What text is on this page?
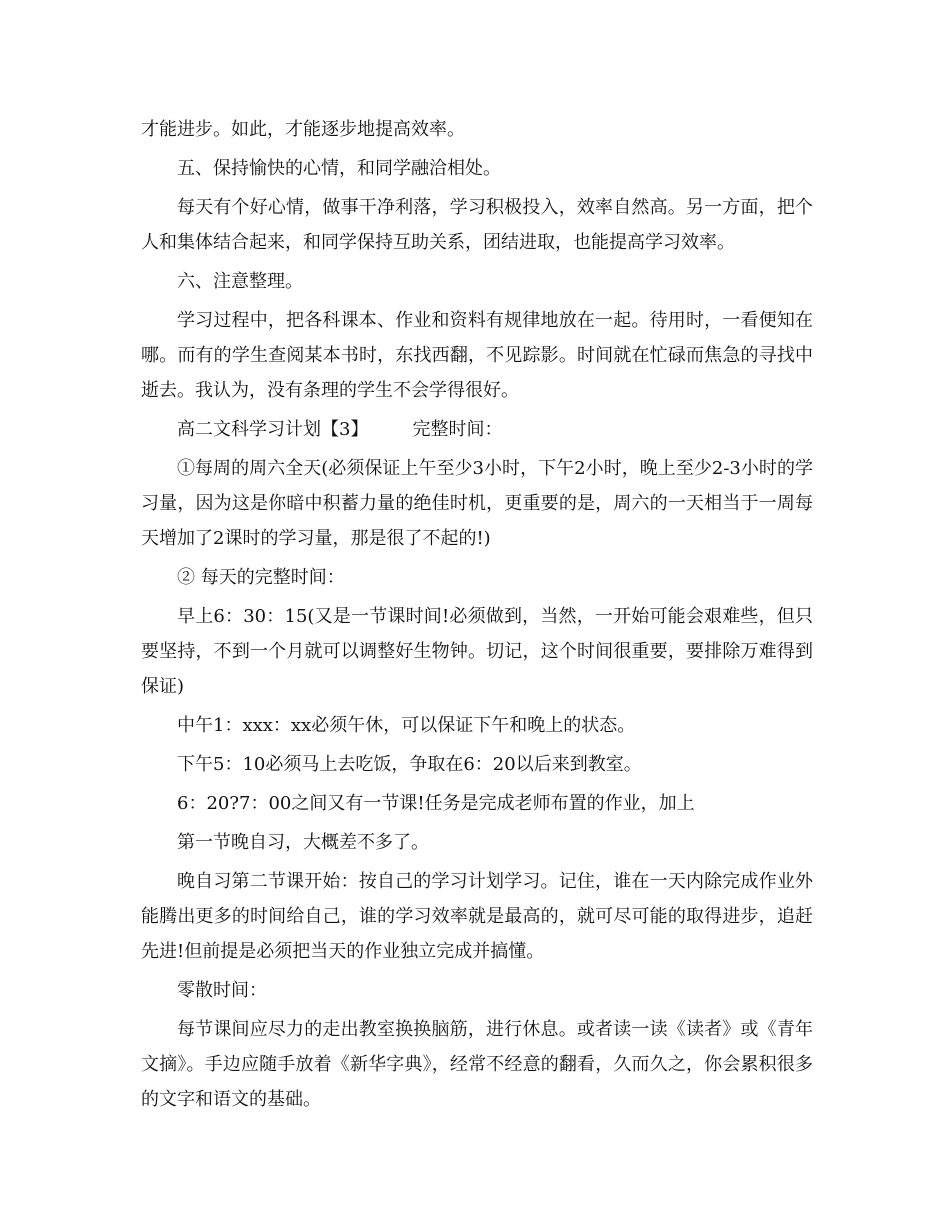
才能进步。如此，才能逐步地提高效率。

五、保持愉快的心情，和同学融洽相处。

每天有个好心情，做事干净利落，学习积极投入，效率自然高。另一方面，把个人和集体结合起来，和同学保持互助关系，团结进取，也能提高学习效率。

六、注意整理。

学习过程中，把各科课本、作业和资料有规律地放在一起。待用时，一看便知在哪。而有的学生查阅某本书时，东找西翻，不见踪影。时间就在忙碌而焦急的寻找中逝去。我认为，没有条理的学生不会学得很好。

高二文科学习计划【3】 完整时间：

①每周的周六全天(必须保证上午至少3小时，下午2小时，晚上至少2-3小时的学习量，因为这是你暗中积蓄力量的绝佳时机，更重要的是，周六的一天相当于一周每天增加了2课时的学习量，那是很了不起的!)

② 每天的完整时间：

早上6：30：15(又是一节课时间!必须做到，当然，一开始可能会艰难些，但只要坚持，不到一个月就可以调整好生物钟。切记，这个时间很重要，要排除万难得到保证)

中午1：xxx：xx必须午休，可以保证下午和晚上的状态。

下午5：10必须马上去吃饭，争取在6：20以后来到教室。

6：20?7：00之间又有一节课!任务是完成老师布置的作业，加上

第一节晚自习，大概差不多了。

晚自习第二节课开始：按自己的学习计划学习。记住，谁在一天内除完成作业外能腾出更多的时间给自己，谁的学习效率就是最高的，就可尽可能的取得进步，追赶先进!但前提是必须把当天的作业独立完成并搞懂。

零散时间：

每节课间应尽力的走出教室换换脑筋，进行休息。或者读一读《读者》或《青年文摘》。手边应随手放着《新华字典》，经常不经意的翻看，久而久之，你会累积很多的文字和语文的基础。
